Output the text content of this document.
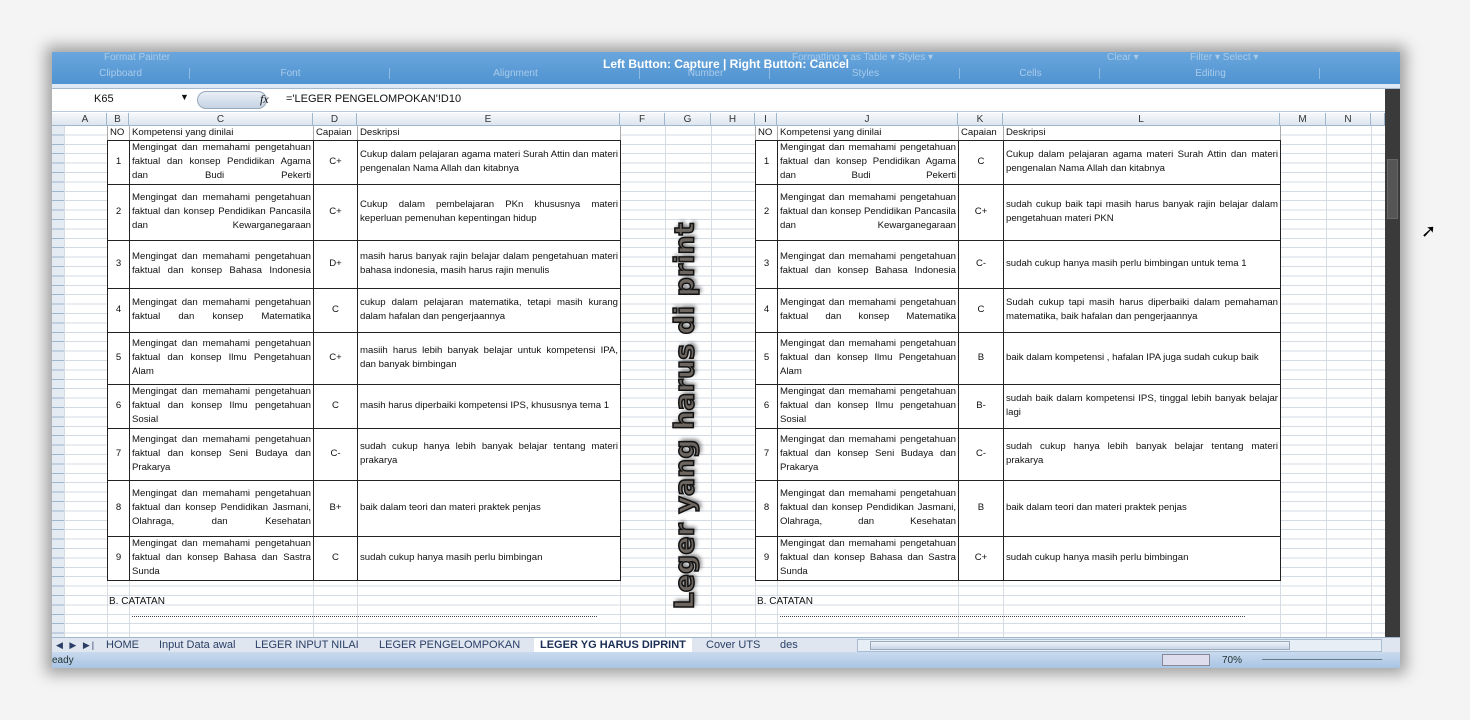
Format Painter	Formatting ▾ as Table ▾ Styles ▾	Clear ▾	Filter ▾ Select ▾
Clipboard	Font	Alignment	Number	Styles	Cells	Editing
Left Button: Capture | Right Button: Cancel
K65	▼	fx ='LEGER PENGELOMPOKAN'!D10
A	B	C	D	E	F	G	H	I	J	K	L	M	N
Leger yang harus di print
NO	Kompetensi yang dinilai	Capaian	Deskripsi
1	Mengingat dan memahami pengetahuan faktual dan konsep Pendidikan Agama dan Budi Pekerti	C+	Cukup dalam pelajaran agama materi Surah Attin dan materi pengenalan Nama Allah dan kitabnya
2	Mengingat dan memahami pengetahuan faktual dan konsep Pendidikan Pancasila dan Kewarganegaraan	C+	Cukup dalam pembelajaran PKn khususnya materi keperluan pemenuhan kepentingan hidup
3	Mengingat dan memahami pengetahuan faktual dan konsep Bahasa Indonesia	D+	masih harus banyak rajin belajar dalam pengetahuan materi bahasa indonesia, masih harus rajin menulis
4	Mengingat dan memahami pengetahuan faktual dan konsep Matematika	C	cukup dalam pelajaran matematika, tetapi masih kurang dalam hafalan dan pengerjaannya
5	Mengingat dan memahami pengetahuan faktual dan konsep Ilmu Pengetahuan Alam	C+	masiih harus lebih banyak belajar untuk kompetensi IPA, dan banyak bimbingan
6	Mengingat dan memahami pengetahuan faktual dan konsep Ilmu pengetahuan Sosial	C	masih harus diperbaiki kompetensi IPS, khususnya tema 1
7	Mengingat dan memahami pengetahuan faktual dan konsep Seni Budaya dan Prakarya	C-	sudah cukup hanya lebih banyak belajar tentang materi prakarya
8	Mengingat dan memahami pengetahuan faktual dan konsep Pendidikan Jasmani, Olahraga, dan Kesehatan	B+	baik dalam teori dan materi praktek penjas
9	Mengingat dan memahami pengetahuan faktual dan konsep Bahasa dan Sastra Sunda	C	sudah cukup hanya masih perlu bimbingan
B. CATATAN
NO	Kompetensi yang dinilai	Capaian	Deskripsi
1	Mengingat dan memahami pengetahuan faktual dan konsep Pendidikan Agama dan Budi Pekerti	C	Cukup dalam pelajaran agama materi Surah Attin dan materi pengenalan Nama Allah dan kitabnya
2	Mengingat dan memahami pengetahuan faktual dan konsep Pendidikan Pancasila dan Kewarganegaraan	C+	sudah cukup baik tapi masih harus banyak rajin belajar dalam pengetahuan materi PKN
3	Mengingat dan memahami pengetahuan faktual dan konsep Bahasa Indonesia	C-	sudah cukup hanya masih perlu bimbingan untuk tema 1
4	Mengingat dan memahami pengetahuan faktual dan konsep Matematika	C	Sudah cukup tapi masih harus diperbaiki dalam pemahaman matematika, baik hafalan dan pengerjaannya
5	Mengingat dan memahami pengetahuan faktual dan konsep Ilmu Pengetahuan Alam	B	baik dalam kompetensi , hafalan IPA juga sudah cukup baik
6	Mengingat dan memahami pengetahuan faktual dan konsep Ilmu pengetahuan Sosial	B-	sudah baik dalam kompetensi IPS, tinggal lebih banyak belajar lagi
7	Mengingat dan memahami pengetahuan faktual dan konsep Seni Budaya dan Prakarya	C-	sudah cukup hanya lebih banyak belajar tentang materi prakarya
8	Mengingat dan memahami pengetahuan faktual dan konsep Pendidikan Jasmani, Olahraga, dan Kesehatan	B	baik dalam teori dan materi praktek penjas
9	Mengingat dan memahami pengetahuan faktual dan konsep Bahasa dan Sastra Sunda	C+	sudah cukup hanya masih perlu bimbingan
B. CATATAN
◀ ▶ ▶| HOME	Input Data awal	LEGER INPUT NILAI	LEGER PENGELOMPOKAN	LEGER YG HARUS DIPRINT	Cover UTS	des
eady	70%
➚
